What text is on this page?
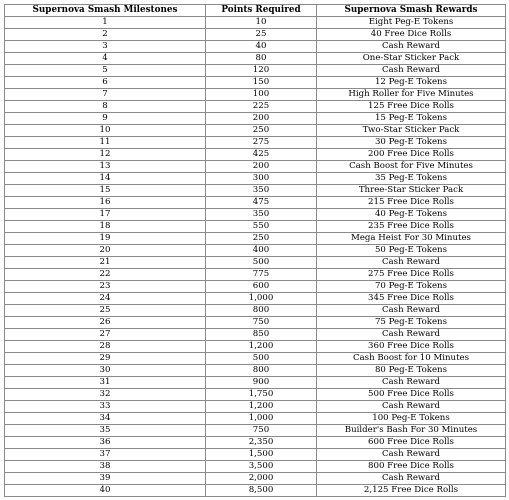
Supernova Smash Milestones	Points Required	Supernova Smash Rewards
1	10	Eight Peg-E Tokens
2	25	40 Free Dice Rolls
3	40	Cash Reward
4	80	One-Star Sticker Pack
5	120	Cash Reward
6	150	12 Peg-E Tokens
7	100	High Roller for Five Minutes
8	225	125 Free Dice Rolls
9	200	15 Peg-E Tokens
10	250	Two-Star Sticker Pack
11	275	30 Peg-E Tokens
12	425	200 Free Dice Rolls
13	200	Cash Boost for Five Minutes
14	300	35 Peg-E Tokens
15	350	Three-Star Sticker Pack
16	475	215 Free Dice Rolls
17	350	40 Peg-E Tokens
18	550	235 Free Dice Rolls
19	250	Mega Heist For 30 Minutes
20	400	50 Peg-E Tokens
21	500	Cash Reward
22	775	275 Free Dice Rolls
23	600	70 Peg-E Tokens
24	1,000	345 Free Dice Rolls
25	800	Cash Reward
26	750	75 Peg-E Tokens
27	850	Cash Reward
28	1,200	360 Free Dice Rolls
29	500	Cash Boost for 10 Minutes
30	800	80 Peg-E Tokens
31	900	Cash Reward
32	1,750	500 Free Dice Rolls
33	1,200	Cash Reward
34	1,000	100 Peg-E Tokens
35	750	Builder's Bash For 30 Minutes
36	2,350	600 Free Dice Rolls
37	1,500	Cash Reward
38	3,500	800 Free Dice Rolls
39	2,000	Cash Reward
40	8,500	2,125 Free Dice Rolls
